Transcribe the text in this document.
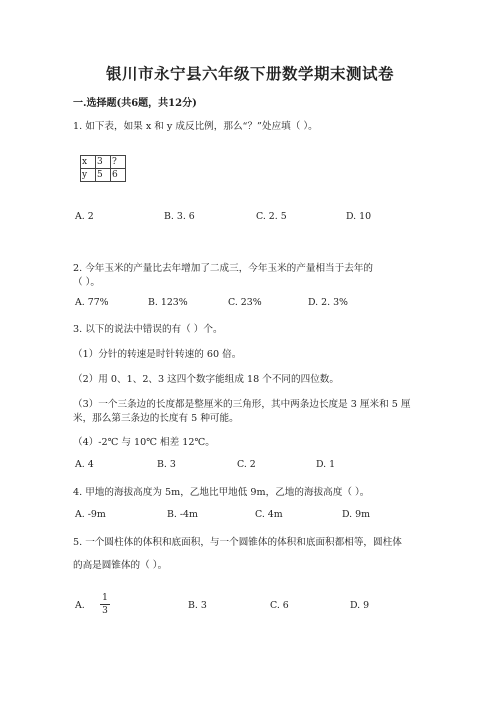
银川市永宁县六年级下册数学期末测试卷
一.选择题(共6题，共12分)
1. 如下表，如果 x 和 y 成反比例，那么“？”处应填（ ）。
x	3	?
y	5	6
A. 2	B. 3. 6	C. 2. 5	D. 10
2. 今年玉米的产量比去年增加了二成三，今年玉米的产量相当于去年的
（ ）。
A. 77%	B. 123%	C. 23%	D. 2. 3%
3. 以下的说法中错误的有（ ）个。
（1）分针的转速是时针转速的 60 倍。
（2）用 0、1、2、3 这四个数字能组成 18 个不同的四位数。
（3）一个三条边的长度都是整厘米的三角形，其中两条边长度是 3 厘米和 5 厘
米，那么第三条边的长度有 5 种可能。
（4）-2℃ 与 10℃ 相差 12℃。
A. 4	B. 3	C. 2	D. 1
4. 甲地的海拔高度为 5m，乙地比甲地低 9m，乙地的海拔高度（ ）。
A. -9m	B. -4m	C. 4m	D. 9m
5. 一个圆柱体的体积和底面积，与一个圆锥体的体积和底面积都相等，圆柱体
的高是圆锥体的（ ）。
A.
1
3	B. 3	C. 6	D. 9
